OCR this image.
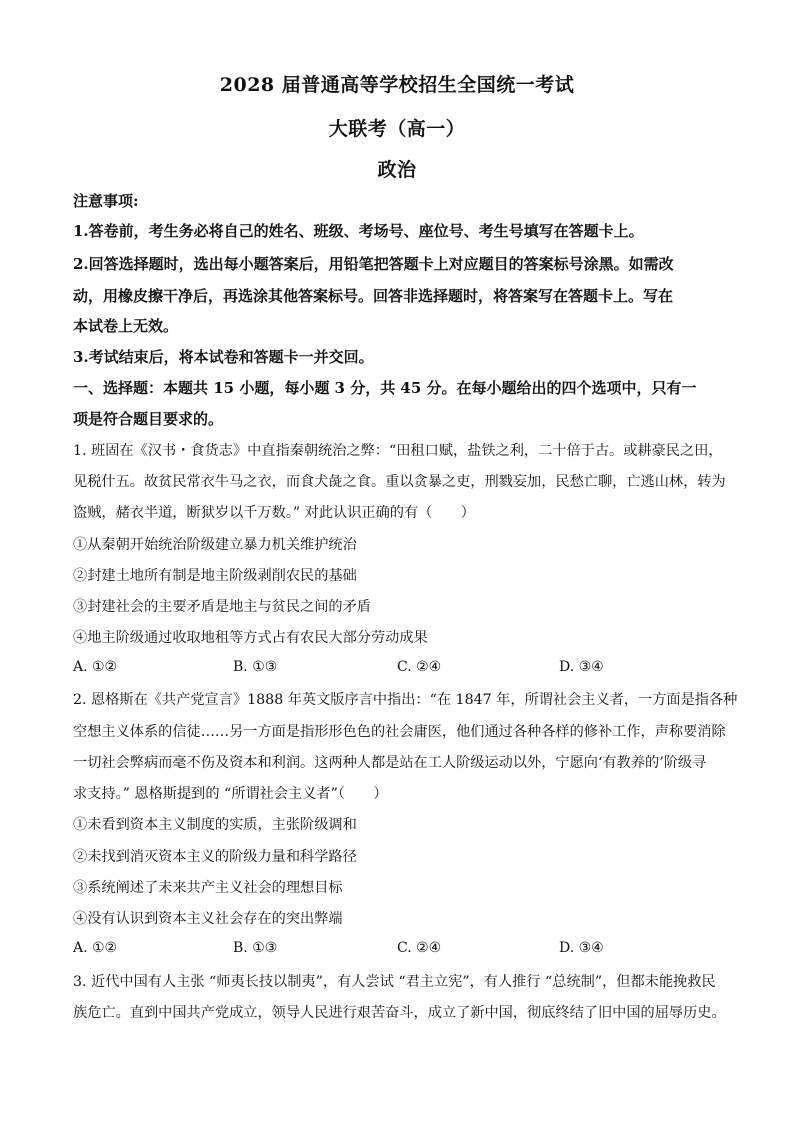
2028 届普通高等学校招生全国统一考试
大联考（高一）
政治
注意事项:
1.答卷前，考生务必将自己的姓名、班级、考场号、座位号、考生号填写在答题卡上。
2.回答选择题时，选出每小题答案后，用铅笔把答题卡上对应题目的答案标号涂黑。如需改
动，用橡皮擦干净后，再选涂其他答案标号。回答非选择题时，将答案写在答题卡上。写在
本试卷上无效。
3.考试结束后，将本试卷和答题卡一并交回。
一、选择题：本题共 15 小题，每小题 3 分，共 45 分。在每小题给出的四个选项中，只有一
项是符合题目要求的。
1. 班固在《汉书・食货志》中直指秦朝统治之弊：“田租口赋，盐铁之利，二十倍于古。或耕豪民之田，
见税什五。故贫民常衣牛马之衣，而食犬彘之食。重以贪暴之吏，刑戮妄加，民愁亡聊，亡逃山林，转为
盗贼，赭衣半道，断狱岁以千万数。” 对此认识正确的有（　　）
①从秦朝开始统治阶级建立暴力机关维护统治
②封建土地所有制是地主阶级剥削农民的基础
③封建社会的主要矛盾是地主与贫民之间的矛盾
④地主阶级通过收取地租等方式占有农民大部分劳动成果
A. ①②	B. ①③	C. ②④	D. ③④
2. 恩格斯在《共产党宣言》1888 年英文版序言中指出：“在 1847 年，所谓社会主义者，一方面是指各种
空想主义体系的信徒……另一方面是指形形色色的社会庸医，他们通过各种各样的修补工作，声称要消除
一切社会弊病而毫不伤及资本和利润。这两种人都是站在工人阶级运动以外，宁愿向‘有教养的’阶级寻
求支持。” 恩格斯提到的 “所谓社会主义者”（　　）
①未看到资本主义制度的实质，主张阶级调和
②未找到消灭资本主义的阶级力量和科学路径
③系统阐述了未来共产主义社会的理想目标
④没有认识到资本主义社会存在的突出弊端
A. ①②	B. ①③	C. ②④	D. ③④
3. 近代中国有人主张 “师夷长技以制夷”，有人尝试 “君主立宪”，有人推行 “总统制”，但都未能挽救民
族危亡。直到中国共产党成立，领导人民进行艰苦奋斗，成立了新中国，彻底终结了旧中国的屈辱历史。
